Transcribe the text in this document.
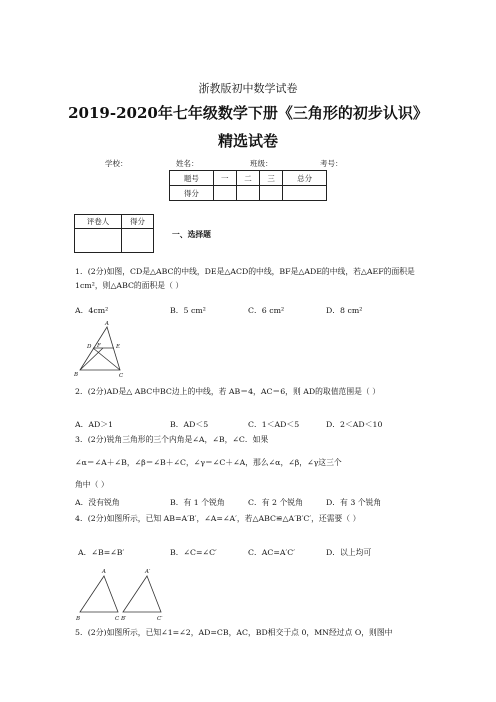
浙教版初中数学试卷
2019-2020年七年级数学下册《三角形的初步认识》
精选试卷
学校：	姓名：	班级：	考号：
题号	一	二	三	总分
得分				
评卷人	得分

一、选择题
1．(2分)如图，CD是△ABC的中线，DE是△ACD的中线，BF是△ADE的中线，若△AEF的面积是 1cm²，则△ABC的面积是（ ）
A．4cm²	B．5 cm²	C．6 cm²	D．8 cm²
A
D F	E
B	C
2．(2分)AD是△ ABC中BC边上的中线，若 AB＝4，AC＝6，则 AD的取值范围是（ ）
A．AD＞1	B．AD＜5	C．1＜AD＜5	D．2＜AD＜10
3．(2分)锐角三角形的三个内角是∠A，∠B，∠C．如果
∠α＝∠A＋∠B，∠β＝∠B＋∠C，∠γ＝∠C＋∠A，那么∠α，∠β，∠γ这三个
角中（ ）
A．没有锐角	B．有 1 个锐角	C．有 2 个锐角	D．有 3 个锐角
4．(2分)如图所示，已知 AB=A′B′，∠A=∠A′，若△ABC≌△A′B′C′，还需要（ ）
A．∠B=∠B′	B．∠C=∠C′	C．AC=A′C′	D．以上均可
A	A′
B	C B′	C′
5．(2分)如图所示，已知∠1=∠2，AD=CB，AC，BD相交于点 0，MN经过点 O，则图中
